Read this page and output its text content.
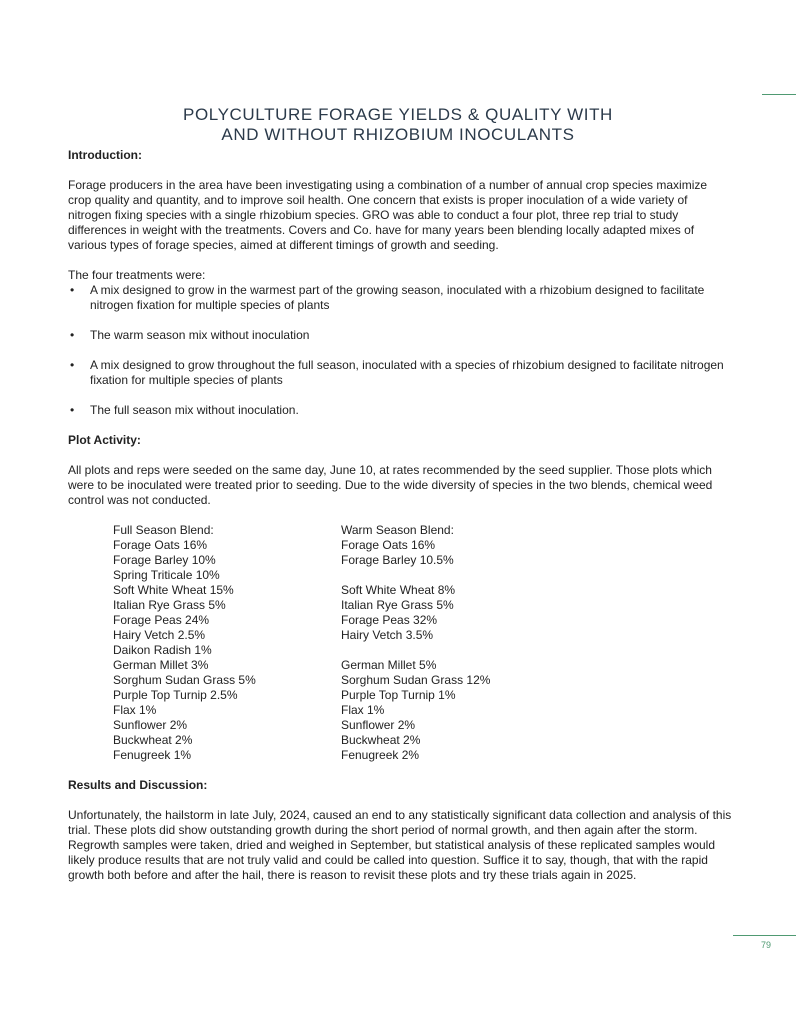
POLYCULTURE FORAGE YIELDS & QUALITY WITH
AND WITHOUT RHIZOBIUM INOCULANTS
Introduction:

Forage producers in the area have been investigating using a combination of a number of annual crop species maximize crop quality and quantity, and to improve soil health. One concern that exists is proper inoculation of a wide variety of nitrogen fixing species with a single rhizobium species. GRO was able to conduct a four plot, three rep trial to study differences in weight with the treatments. Covers and Co. have for many years been blending locally adapted mixes of various types of forage species, aimed at different timings of growth and seeding.

The four treatments were:

• A mix designed to grow in the warmest part of the growing season, inoculated with a rhizobium designed to facilitate nitrogen fixation for multiple species of plants
• The warm season mix without inoculation
• A mix designed to grow throughout the full season, inoculated with a species of rhizobium designed to facilitate nitrogen fixation for multiple species of plants
• The full season mix without inoculation.
Plot Activity:

All plots and reps were seeded on the same day, June 10, at rates recommended by the seed supplier. Those plots which were to be inoculated were treated prior to seeding. Due to the wide diversity of species in the two blends, chemical weed control was not conducted.

Full Season Blend:
Forage Oats 16%
Forage Barley 10%
Spring Triticale 10%
Soft White Wheat 15%
Italian Rye Grass 5%
Forage Peas 24%
Hairy Vetch 2.5%
Daikon Radish 1%
German Millet 3%
Sorghum Sudan Grass 5%
Purple Top Turnip 2.5%
Flax 1%
Sunflower 2%
Buckwheat 2%
Fenugreek 1%
Warm Season Blend:
Forage Oats 16%
Forage Barley 10.5%
Soft White Wheat 8%
Italian Rye Grass 5%
Forage Peas 32%
Hairy Vetch 3.5%
German Millet 5%
Sorghum Sudan Grass 12%
Purple Top Turnip 1%
Flax 1%
Sunflower 2%
Buckwheat 2%
Fenugreek 2%
Results and Discussion:

Unfortunately, the hailstorm in late July, 2024, caused an end to any statistically significant data collection and analysis of this trial. These plots did show outstanding growth during the short period of normal growth, and then again after the storm. Regrowth samples were taken, dried and weighed in September, but statistical analysis of these replicated samples would likely produce results that are not truly valid and could be called into question. Suffice it to say, though, that with the rapid growth both before and after the hail, there is reason to revisit these plots and try these trials again in 2025.

79
